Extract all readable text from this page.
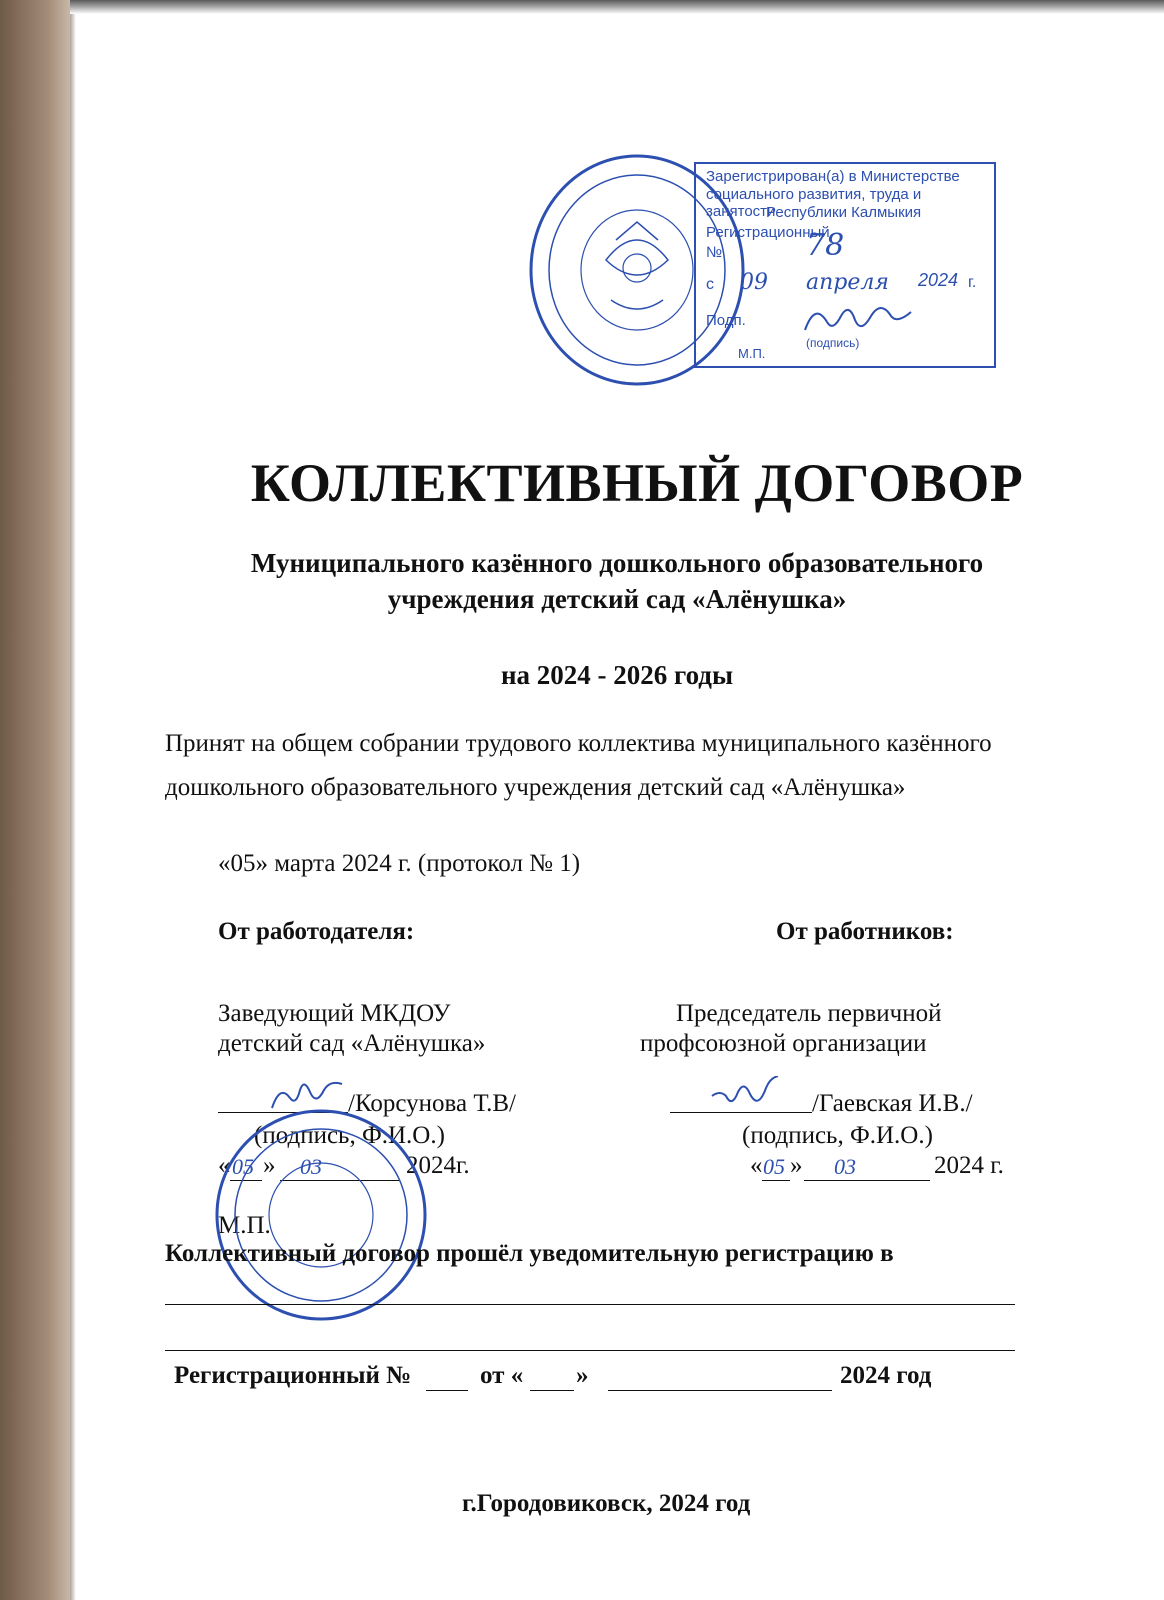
Зарегистрирован(а) в Министерстве
социального развития, труда и занятости
Республики Калмыкия
Регистрационный
№	78
с 09 апреля 2024 г.
Подп.
(подпись)
М.П.
КОЛЛЕКТИВНЫЙ ДОГОВОР
Муниципального казённого дошкольного образовательного
учреждения детский сад «Алёнушка»
на 2024 - 2026 годы
Принят на общем собрании трудового коллектива муниципального казённого
дошкольного образовательного учреждения детский сад «Алёнушка»
«05» марта 2024 г. (протокол № 1)
От работодателя:
Заведующий МКДОУ
детский сад «Алёнушка»
/Корсунова Т.В/
(подпись, Ф.И.О.)
« 05 » 03	2024г.
М.П.
От работников:
Председатель первичной
профсоюзной организации
/Гаевская И.В./
(подпись, Ф.И.О.)
« 05 » 03	2024 г.
Коллективный договор прошёл уведомительную регистрацию в
Регистрационный №	от « »	2024 год
г.Городовиковск, 2024 год
